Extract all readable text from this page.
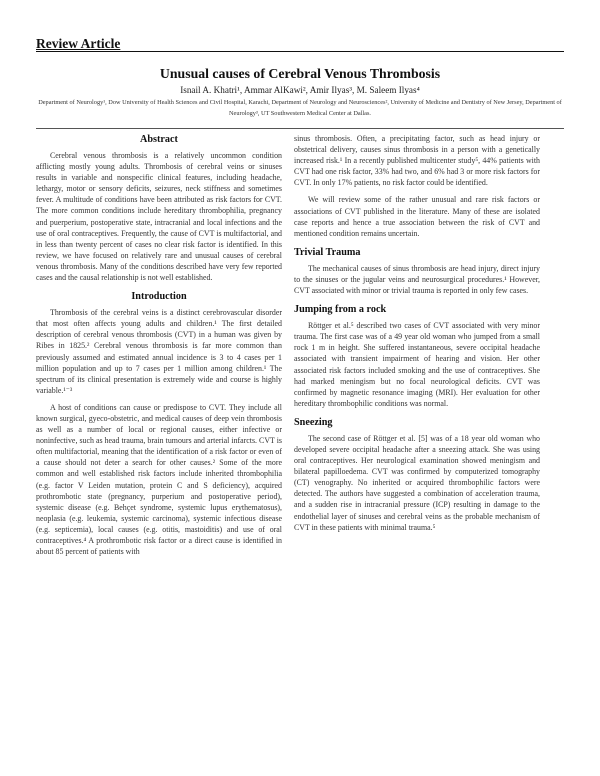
Review Article
Unusual causes of Cerebral Venous Thrombosis
Isnail A. Khatri¹, Ammar AlKawi², Amir Ilyas³, M. Saleem Ilyas⁴
Department of Neurology¹, Dow University of Health Sciences and Civil Hospital, Karachi, Department of Neurology and Neurosciences², University of Medicine and Dentistry of New Jersey, Department of Neurology³, UT Southwestern Medical Center at Dallas.
Abstract

Cerebral venous thrombosis is a relatively uncommon condition afflicting mostly young adults. Thrombosis of cerebral veins or sinuses results in variable and nonspecific clinical features, including headache, lethargy, motor or sensory deficits, seizures, neck stiffness and sometimes fever. A multitude of conditions have been attributed as risk factors for CVT. The more common conditions include hereditary thrombophilia, pregnancy and puerperium, postoperative state, intracranial and local infections and the use of oral contraceptives. Frequently, the cause of CVT is multifactorial, and in less than twenty percent of cases no clear risk factor is identified. In this review, we have focused on relatively rare and unusual causes of cerebral venous thrombosis. Many of the conditions described have very few reported cases and the causal relationship is not well established.

Introduction

Thrombosis of the cerebral veins is a distinct cerebrovascular disorder that most often affects young adults and children.¹ The first detailed description of cerebral venous thrombosis (CVT) in a human was given by Ribes in 1825.² Cerebral venous thrombosis is far more common than previously assumed and estimated annual incidence is 3 to 4 cases per 1 million population and up to 7 cases per 1 million among children.¹ The spectrum of its clinical presentation is extremely wide and course is highly variable.¹⁻³

A host of conditions can cause or predispose to CVT. They include all known surgical, gyeco-obstetric, and medical causes of deep vein thrombosis as well as a number of local or regional causes, either infective or noninfective, such as head trauma, brain tumours and arterial infarcts. CVT is often multifactorial, meaning that the identification of a risk factor or even of a cause should not deter a search for other causes.² Some of the more common and well established risk factors include inherited thrombophilia (e.g. factor V Leiden mutation, protein C and S deficiency), acquired prothrombotic state (pregnancy, purperium and postoperative period), systemic disease (e.g. Behçet syndrome, systemic lupus erythematosus), neoplasia (e.g. leukemia, systemic carcinoma), systemic infectious disease (e.g. septicemia), local causes (e.g. otitis, mastoiditis) and use of oral contraceptives.⁴ A prothrombotic risk factor or a direct cause is identified in about 85 percent of patients with

sinus thrombosis. Often, a precipitating factor, such as head injury or obstetrical delivery, causes sinus thrombosis in a person with a genetically increased risk.¹ In a recently published multicenter study⁵, 44% patients with CVT had one risk factor, 33% had two, and 6% had 3 or more risk factors for CVT. In only 17% patients, no risk factor could be identified.

We will review some of the rather unusual and rare risk factors or associations of CVT published in the literature. Many of these are isolated case reports and hence a true association between the risk of CVT and mentioned condition remains uncertain.

Trivial Trauma

The mechanical causes of sinus thrombosis are head injury, direct injury to the sinuses or the jugular veins and neurosurgical procedures.¹ However, CVT associated with minor or trivial trauma is reported in only few cases.

Jumping from a rock

Röttger et al.⁵ described two cases of CVT associated with very minor trauma. The first case was of a 49 year old woman who jumped from a small rock 1 m in height. She suffered instantaneous, severe occipital headache associated with transient impairment of hearing and vision. Her other associated risk factors included smoking and the use of contraceptives. She had marked meningism but no focal neurological deficits. CVT was confirmed by magnetic resonance imaging (MRI). Her evaluation for other hereditary thrombophilic conditions was normal.

Sneezing

The second case of Röttger et al. [5] was of a 18 year old woman who developed severe occipital headache after a sneezing attack. She was using oral contraceptives. Her neurological examination showed meningism and bilateral papilloedema. CVT was confirmed by computerized tomography (CT) venography. No inherited or acquired thrombophilic factors were detected. The authors have suggested a combination of acceleration trauma, and a sudden rise in intracranial pressure (ICP) resulting in damage to the endothelial layer of sinuses and cerebral veins as the probable mechanism of CVT in these patients with minimal trauma.⁵
